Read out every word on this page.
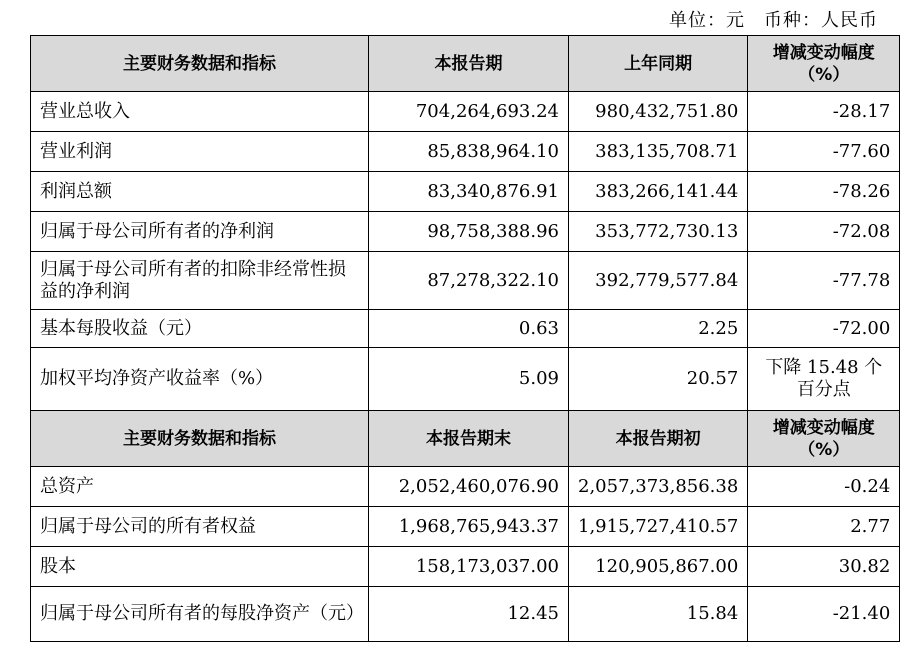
单位：元　币种：人民币
主要财务数据和指标	本报告期	上年同期	增减变动幅度（%）
营业总收入	704,264,693.24	980,432,751.80	-28.17
营业利润	85,838,964.10	383,135,708.71	-77.60
利润总额	83,340,876.91	383,266,141.44	-78.26
归属于母公司所有者的净利润	98,758,388.96	353,772,730.13	-72.08
归属于母公司所有者的扣除非经常性损益的净利润	87,278,322.10	392,779,577.84	-77.78
基本每股收益（元）	0.63	2.25	-72.00
加权平均净资产收益率（%）	5.09	20.57	下降 15.48 个百分点
主要财务数据和指标	本报告期末	本报告期初	增减变动幅度（%）
总资产	2,052,460,076.90	2,057,373,856.38	-0.24
归属于母公司的所有者权益	1,968,765,943.37	1,915,727,410.57	2.77
股本	158,173,037.00	120,905,867.00	30.82
归属于母公司所有者的每股净资产（元）	12.45	15.84	-21.40
